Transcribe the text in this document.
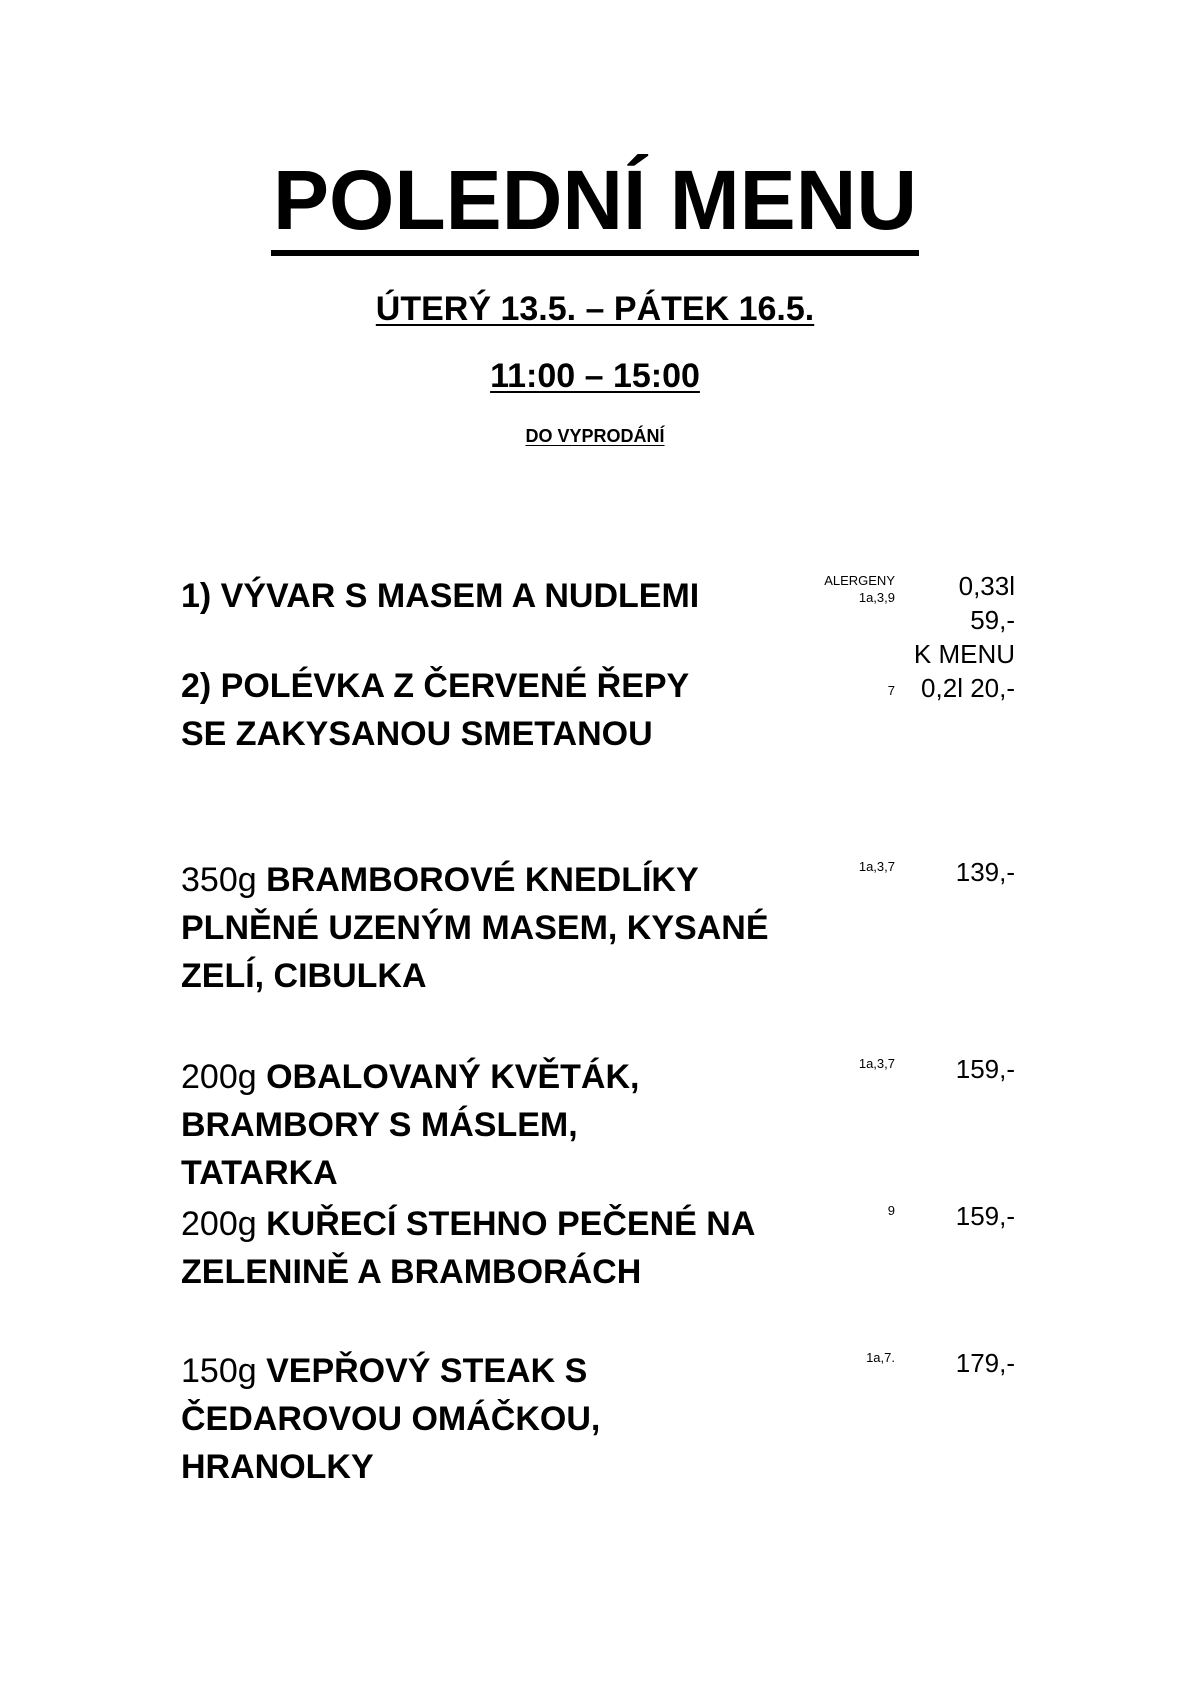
POLEDNÍ MENU
ÚTERÝ 13.5. – PÁTEK 16.5.
11:00 – 15:00
DO VYPRODÁNÍ
1) VÝVAR S MASEM A NUDLEMI	ALERGENY
1a,3,9	0,33l
59,-
K MENU
0,2l 20,-
2) POLÉVKA Z ČERVENÉ ŘEPY SE ZAKYSANOU SMETANOU
7
350g BRAMBOROVÉ KNEDLÍKY PLNĚNÉ UZENÝM MASEM, KYSANÉ ZELÍ, CIBULKA
1a,3,7 139,-
200g OBALOVANÝ KVĚTÁK, BRAMBORY S MÁSLEM, TATARKA
1a,3,7 159,-
200g KUŘECÍ STEHNO PEČENÉ NA ZELENINĚ A BRAMBORÁCH
9 159,-
150g VEPŘOVÝ STEAK S ČEDAROVOU OMÁČKOU, HRANOLKY
1a,7. 179,-
